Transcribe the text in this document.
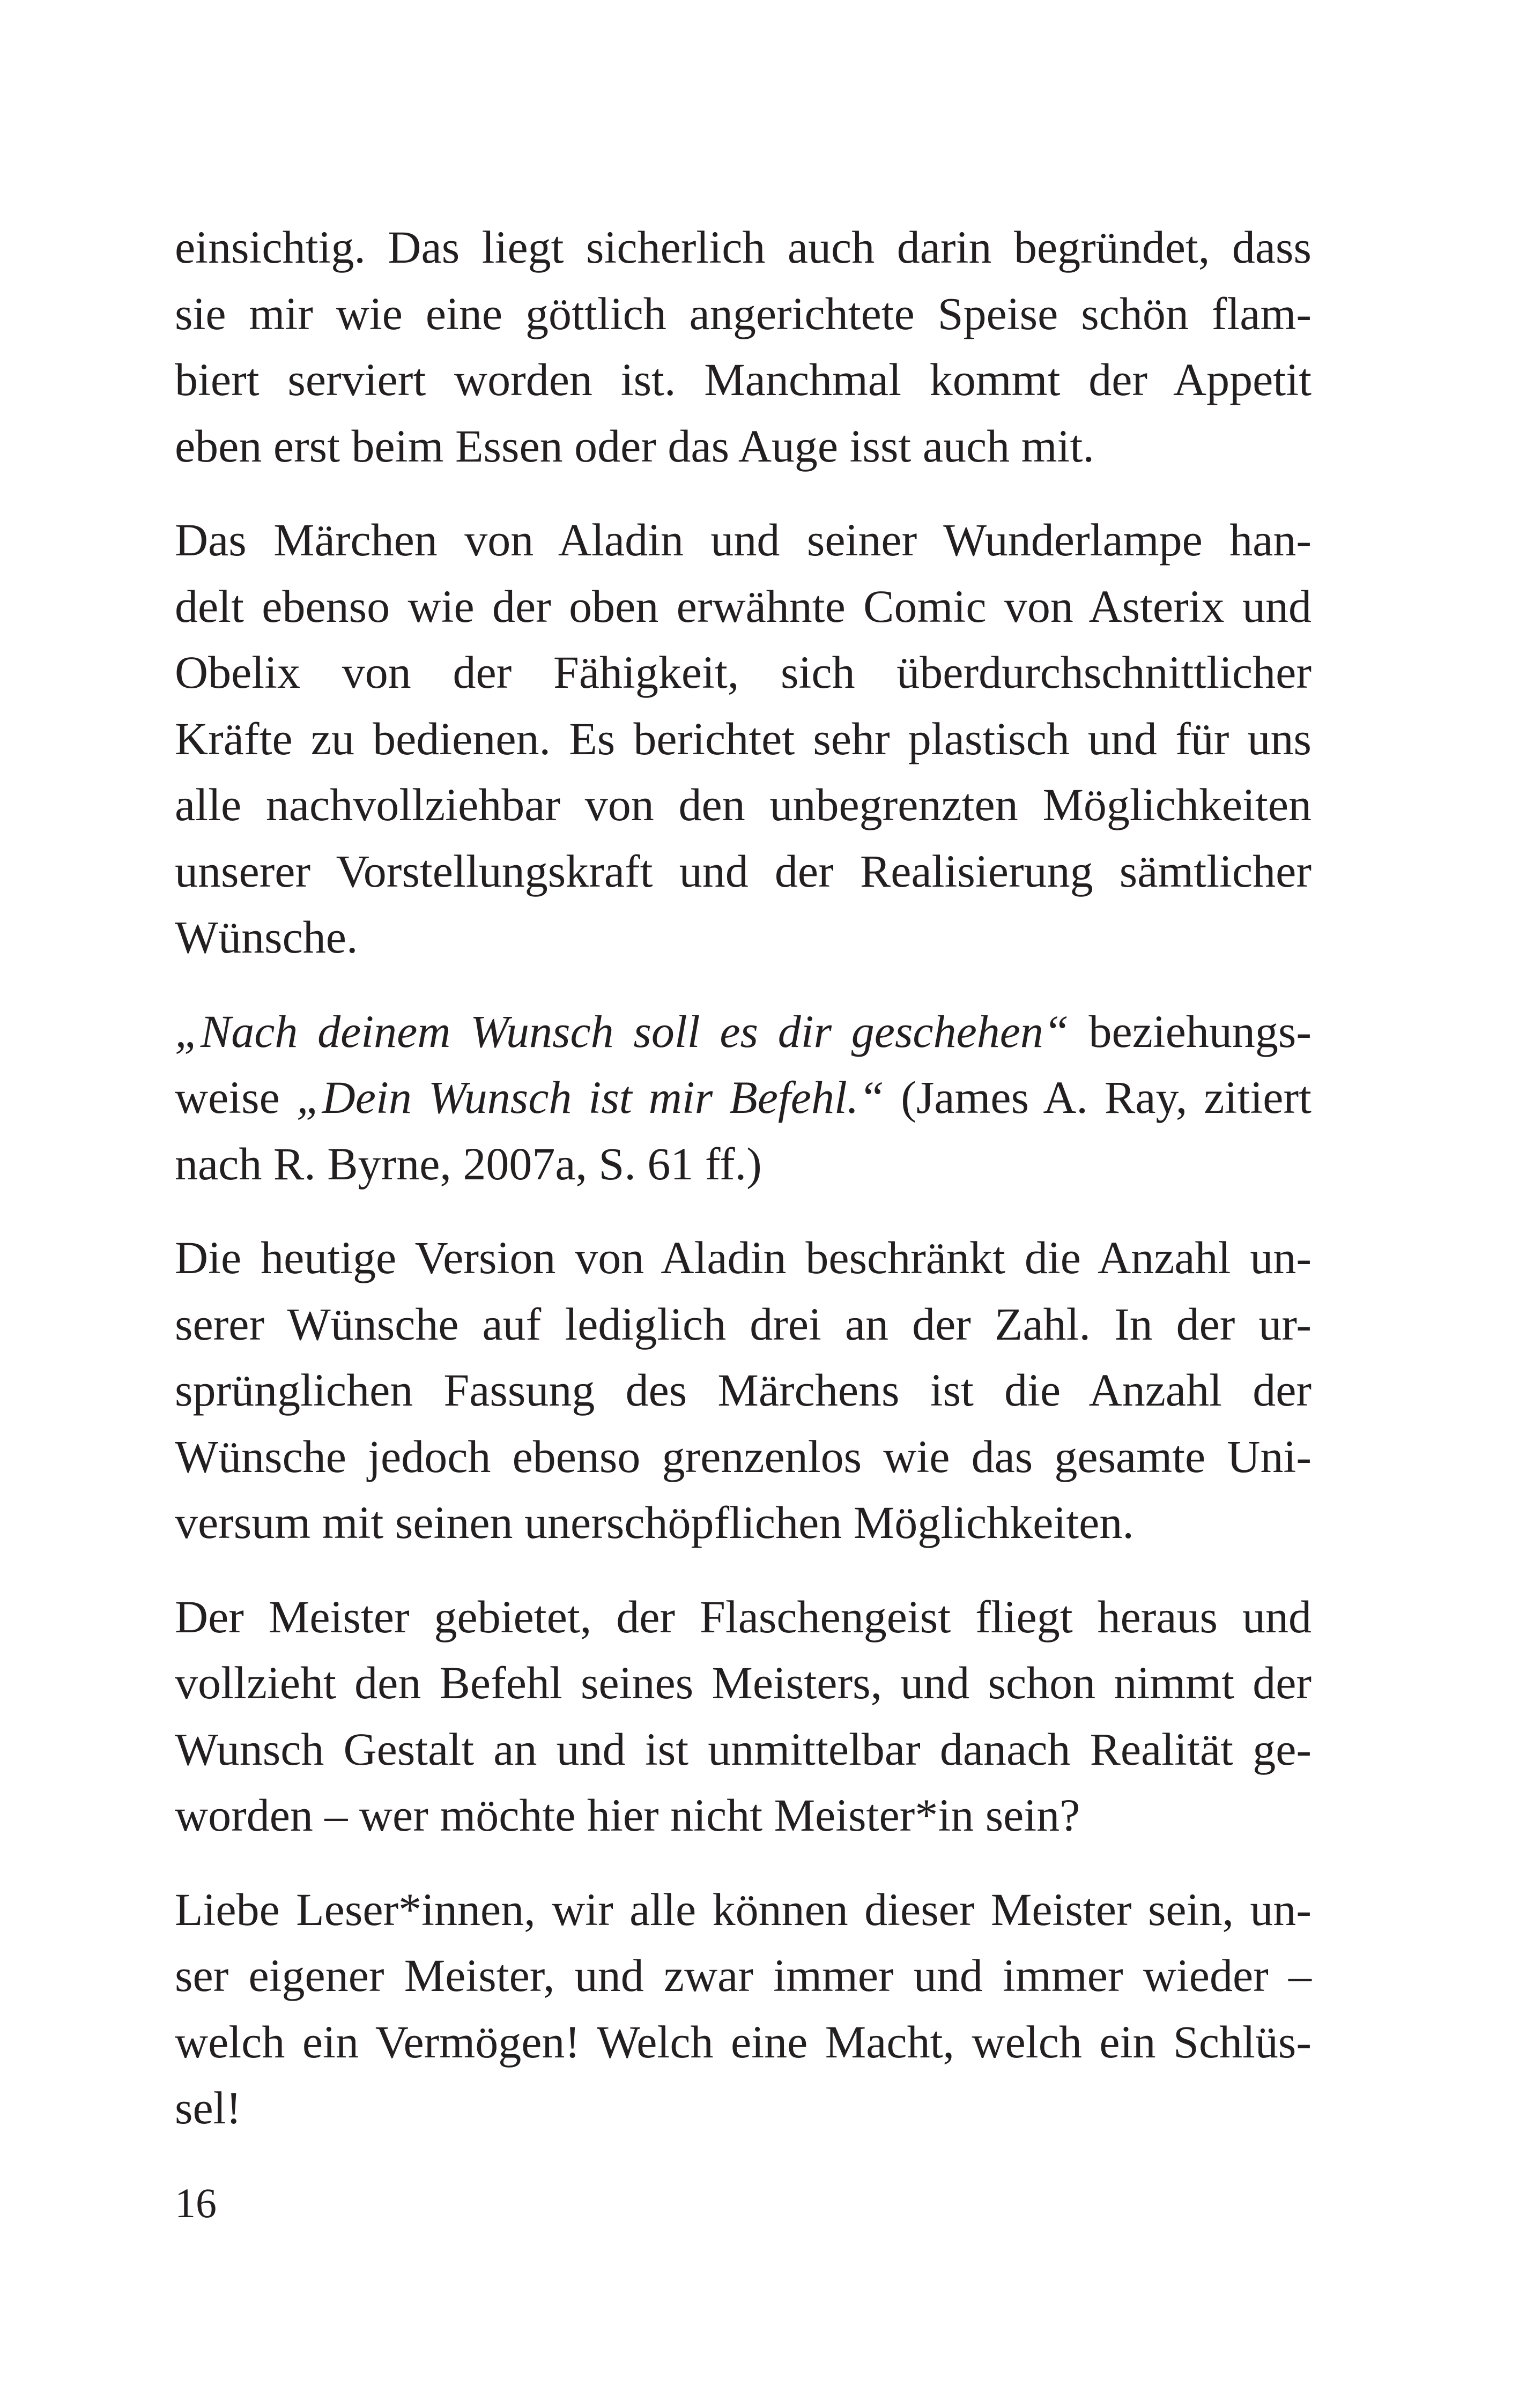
einsichtig. Das liegt sicherlich auch darin begründet, dass
sie mir wie eine göttlich angerichtete Speise schön flam-
biert serviert worden ist. Manchmal kommt der Appetit
eben erst beim Essen oder das Auge isst auch mit.
Das Märchen von Aladin und seiner Wunderlampe han-
delt ebenso wie der oben erwähnte Comic von Asterix und
Obelix von der Fähigkeit, sich überdurchschnittlicher
Kräfte zu bedienen. Es berichtet sehr plastisch und für uns
alle nachvollziehbar von den unbegrenzten Möglichkeiten
unserer Vorstellungskraft und der Realisierung sämtlicher
Wünsche.
„Nach deinem Wunsch soll es dir geschehen“ beziehungs-
weise „Dein Wunsch ist mir Befehl.“ (James A. Ray, zitiert
nach R. Byrne, 2007a, S. 61 ff.)
Die heutige Version von Aladin beschränkt die Anzahl un-
serer Wünsche auf lediglich drei an der Zahl. In der ur-
sprünglichen Fassung des Märchens ist die Anzahl der
Wünsche jedoch ebenso grenzenlos wie das gesamte Uni-
versum mit seinen unerschöpflichen Möglichkeiten.
Der Meister gebietet, der Flaschengeist fliegt heraus und
vollzieht den Befehl seines Meisters, und schon nimmt der
Wunsch Gestalt an und ist unmittelbar danach Realität ge-
worden – wer möchte hier nicht Meister*in sein?
Liebe Leser*innen, wir alle können dieser Meister sein, un-
ser eigener Meister, und zwar immer und immer wieder –
welch ein Vermögen! Welch eine Macht, welch ein Schlüs-
sel!
16
